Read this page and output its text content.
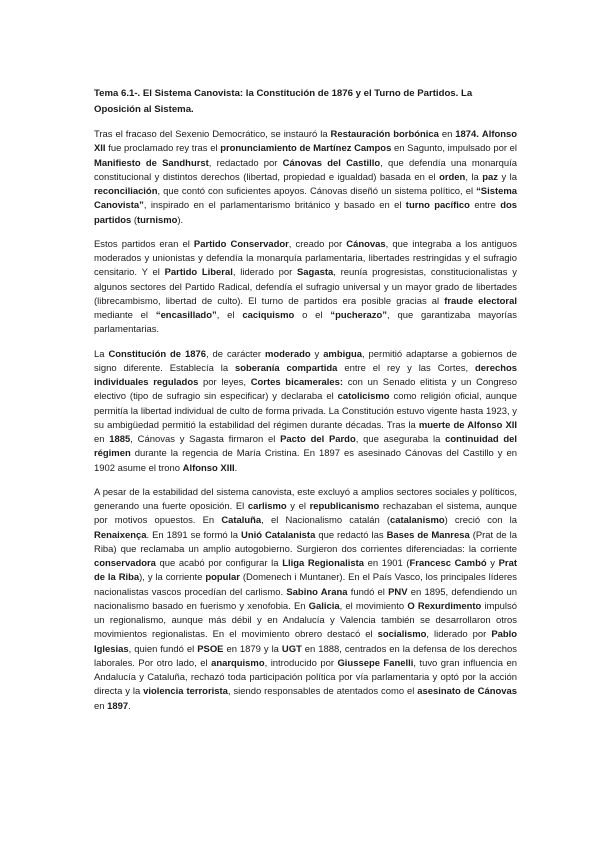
Tema 6.1-. El Sistema Canovista: la Constitución de 1876 y el Turno de Partidos. La Oposición al Sistema.

Tras el fracaso del Sexenio Democrático, se instauró la Restauración borbónica en 1874. Alfonso XII fue proclamado rey tras el pronunciamiento de Martínez Campos en Sagunto, impulsado por el Manifiesto de Sandhurst, redactado por Cánovas del Castillo, que defendía una monarquía constitucional y distintos derechos (libertad, propiedad e igualdad) basada en el orden, la paz y la reconciliación, que contó con suficientes apoyos. Cánovas diseñó un sistema político, el “Sistema Canovista”, inspirado en el parlamentarismo británico y basado en el turno pacífico entre dos partidos (turnismo).

Estos partidos eran el Partido Conservador, creado por Cánovas, que integraba a los antiguos moderados y unionistas y defendía la monarquía parlamentaria, libertades restringidas y el sufragio censitario. Y el Partido Liberal, liderado por Sagasta, reunía progresistas, constitucionalistas y algunos sectores del Partido Radical, defendía el sufragio universal y un mayor grado de libertades (librecambismo, libertad de culto). El turno de partidos era posible gracias al fraude electoral mediante el “encasillado”, el caciquismo o el “pucherazo”, que garantizaba mayorías parlamentarias.

La Constitución de 1876, de carácter moderado y ambigua, permitió adaptarse a gobiernos de signo diferente. Establecía la soberanía compartida entre el rey y las Cortes, derechos individuales regulados por leyes, Cortes bicamerales: con un Senado elitista y un Congreso electivo (tipo de sufragio sin especificar) y declaraba el catolicismo como religión oficial, aunque permitía la libertad individual de culto de forma privada. La Constitución estuvo vigente hasta 1923, y su ambigüedad permitió la estabilidad del régimen durante décadas. Tras la muerte de Alfonso XII en 1885, Cánovas y Sagasta firmaron el Pacto del Pardo, que aseguraba la continuidad del régimen durante la regencia de María Cristina. En 1897 es asesinado Cánovas del Castillo y en 1902 asume el trono Alfonso XIII.

A pesar de la estabilidad del sistema canovista, este excluyó a amplios sectores sociales y políticos, generando una fuerte oposición. El carlismo y el republicanismo rechazaban el sistema, aunque por motivos opuestos. En Cataluña, el Nacionalismo catalán (catalanismo) creció con la Renaixença. En 1891 se formó la Unió Catalanista que redactó las Bases de Manresa (Prat de la Riba) que reclamaba un amplio autogobierno. Surgieron dos corrientes diferenciadas: la corriente conservadora que acabó por configurar la Lliga Regionalista en 1901 (Francesc Cambó y Prat de la Riba), y la corriente popular (Domenech i Muntaner). En el País Vasco, los principales líderes nacionalistas vascos procedían del carlismo. Sabino Arana fundó el PNV en 1895, defendiendo un nacionalismo basado en fuerismo y xenofobia. En Galicia, el movimiento O Rexurdimento impulsó un regionalismo, aunque más débil y en Andalucía y Valencia también se desarrollaron otros movimientos regionalistas. En el movimiento obrero destacó el socialismo, liderado por Pablo Iglesias, quien fundó el PSOE en 1879 y la UGT en 1888, centrados en la defensa de los derechos laborales. Por otro lado, el anarquismo, introducido por Giussepe Fanelli, tuvo gran influencia en Andalucía y Cataluña, rechazó toda participación política por vía parlamentaria y optó por la acción directa y la violencia terrorista, siendo responsables de atentados como el asesinato de Cánovas en 1897.
